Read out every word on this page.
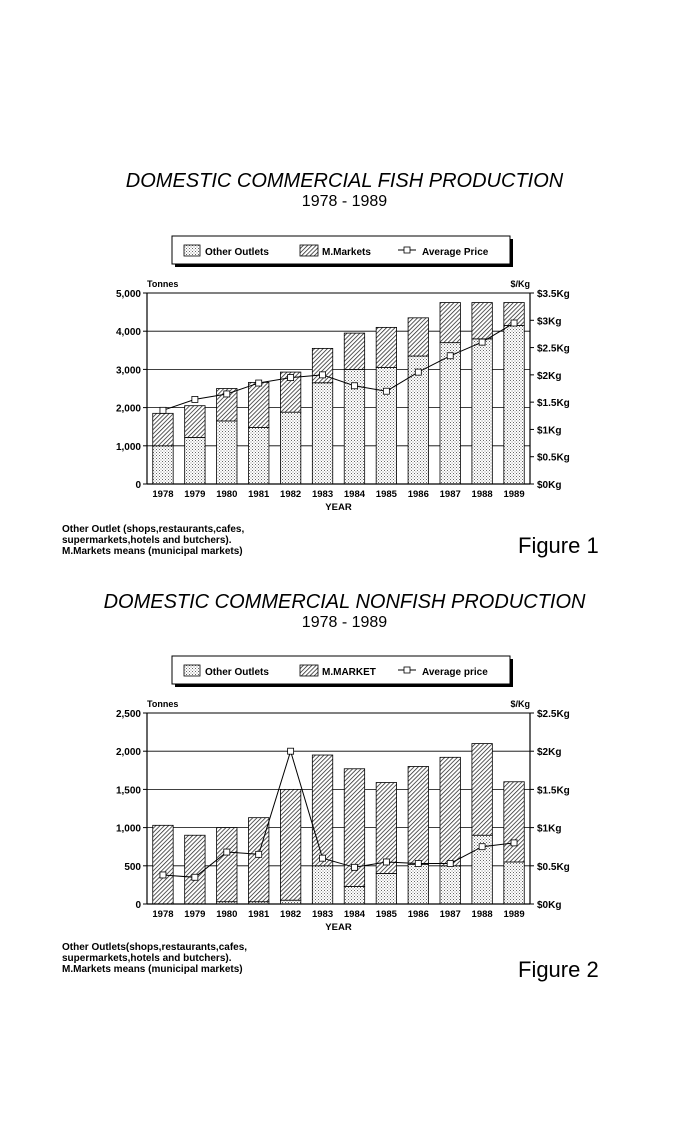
DOMESTIC COMMERCIAL FISH PRODUCTION
1978 - 1989
Other Outlets	M.Markets	Average Price
Tonnes	$/Kg
0
1,000
2,000
3,000
4,000
5,000
$0Kg
$0.5Kg
$1Kg
$1.5Kg
$2Kg
$2.5Kg
$3Kg
$3.5Kg
1978 1979 1980 1981 1982 1983 1984 1985 1986 1987 1988 1989
YEAR
Other Outlet (shops,restaurants,cafes,
supermarkets,hotels and butchers).
M.Markets means (municipal markets)	Figure 1
DOMESTIC COMMERCIAL NONFISH PRODUCTION
1978 - 1989
Other Outlets	M.MARKET	Average price
Tonnes	$/Kg
0
500
1,000
1,500
2,000
2,500
$0Kg
$0.5Kg
$1Kg
$1.5Kg
$2Kg
$2.5Kg
1978 1979 1980 1981 1982 1983 1984 1985 1986 1987 1988 1989
YEAR
Other Outlets(shops,restaurants,cafes,
supermarkets,hotels and butchers).
M.Markets means (municipal markets)	Figure 2
